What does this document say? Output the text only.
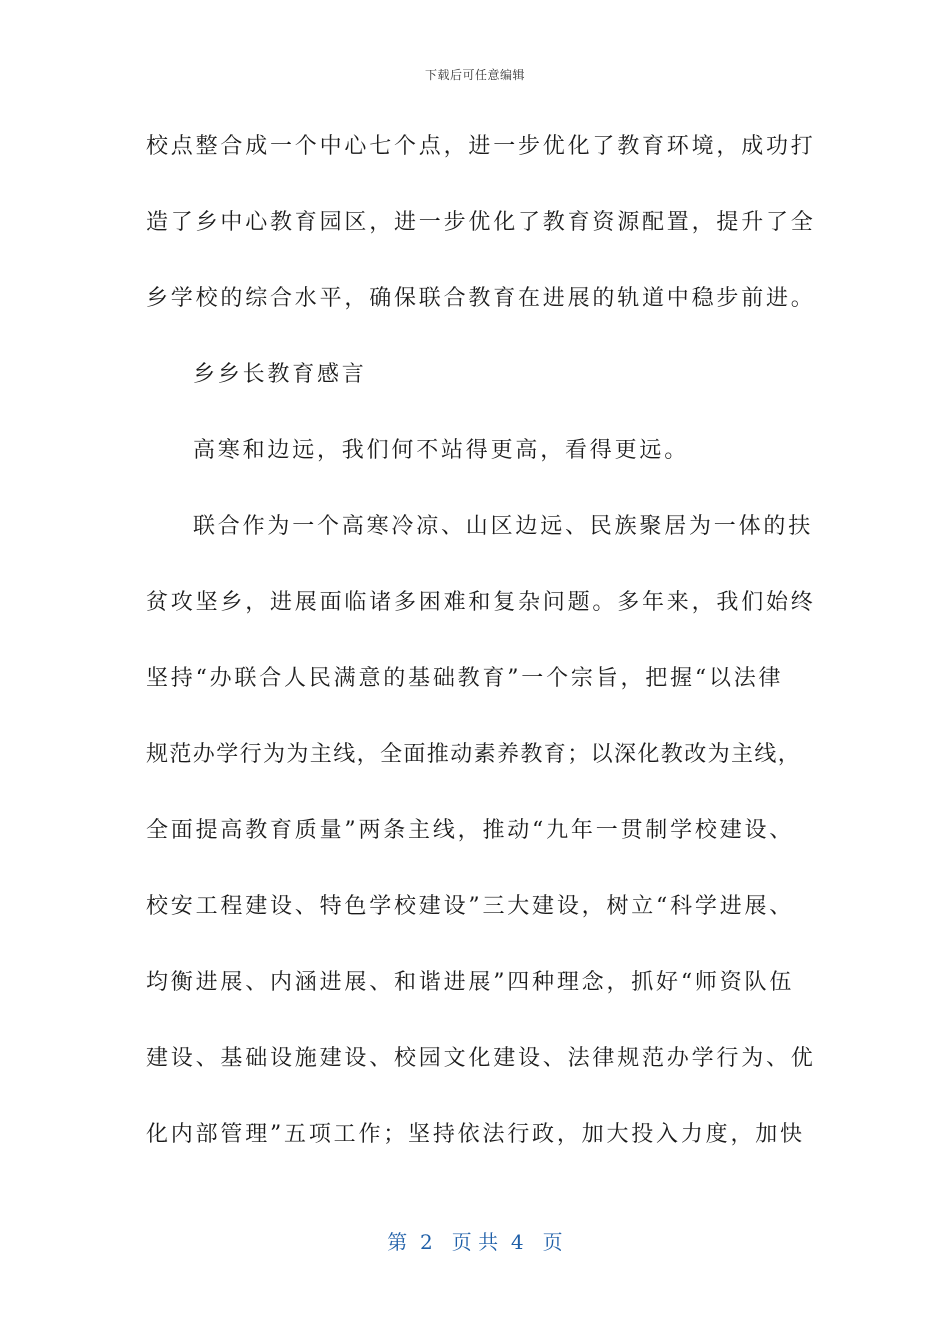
下载后可任意编辑
校点整合成一个中心七个点，进一步优化了教育环境，成功打
造了乡中心教育园区，进一步优化了教育资源配置，提升了全
乡学校的综合水平，确保联合教育在进展的轨道中稳步前进。
乡乡长教育感言
高寒和边远，我们何不站得更高，看得更远。
联合作为一个高寒冷凉、山区边远、民族聚居为一体的扶
贫攻坚乡，进展面临诸多困难和复杂问题。多年来，我们始终
坚持“办联合人民满意的基础教育”一个宗旨，把握“以法律
规范办学行为为主线，全面推动素养教育；以深化教改为主线，
全面提高教育质量”两条主线，推动“九年一贯制学校建设、
校安工程建设、特色学校建设”三大建设，树立“科学进展、
均衡进展、内涵进展、和谐进展”四种理念，抓好“师资队伍
建设、基础设施建设、校园文化建设、法律规范办学行为、优
化内部管理”五项工作；坚持依法行政，加大投入力度，加快
第  2   页 共  4   页
